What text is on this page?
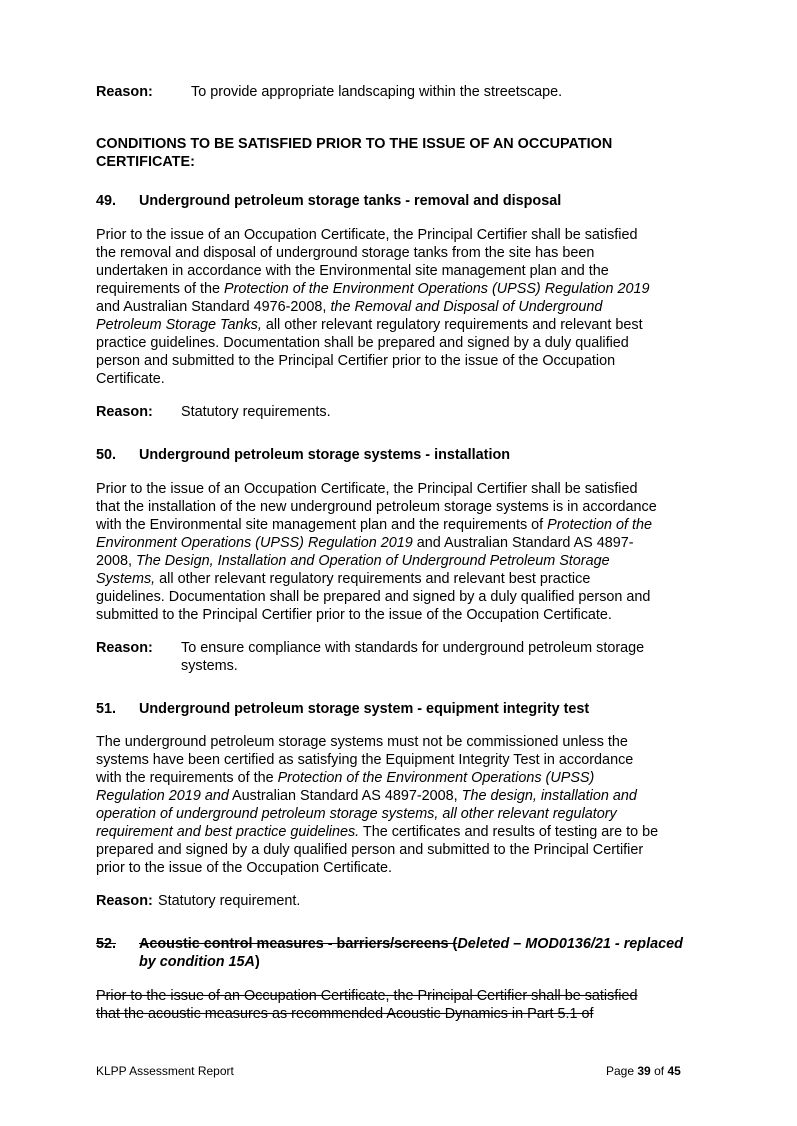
Reason:	To provide appropriate landscaping within the streetscape.
CONDITIONS TO BE SATISFIED PRIOR TO THE ISSUE OF AN OCCUPATION
CERTIFICATE:
49. Underground petroleum storage tanks - removal and disposal

Prior to the issue of an Occupation Certificate, the Principal Certifier shall be satisfied

the removal and disposal of underground storage tanks from the site has been

undertaken in accordance with the Environmental site management plan and the

requirements of the Protection of the Environment Operations (UPSS) Regulation 2019

and Australian Standard 4976-2008, the Removal and Disposal of Underground

Petroleum Storage Tanks, all other relevant regulatory requirements and relevant best

practice guidelines. Documentation shall be prepared and signed by a duly qualified

person and submitted to the Principal Certifier prior to the issue of the Occupation

Certificate.

Reason: Statutory requirements.
50. Underground petroleum storage systems - installation

Prior to the issue of an Occupation Certificate, the Principal Certifier shall be satisfied

that the installation of the new underground petroleum storage systems is in accordance

with the Environmental site management plan and the requirements of Protection of the

Environment Operations (UPSS) Regulation 2019 and Australian Standard AS 4897-

2008, The Design, Installation and Operation of Underground Petroleum Storage

Systems, all other relevant regulatory requirements and relevant best practice

guidelines. Documentation shall be prepared and signed by a duly qualified person and

submitted to the Principal Certifier prior to the issue of the Occupation Certificate.

Reason: To ensure compliance with standards for underground petroleum storage
systems.
51. Underground petroleum storage system - equipment integrity test

The underground petroleum storage systems must not be commissioned unless the

systems have been certified as satisfying the Equipment Integrity Test in accordance

with the requirements of the Protection of the Environment Operations (UPSS)

Regulation 2019 and Australian Standard AS 4897-2008, The design, installation and

operation of underground petroleum storage systems, all other relevant regulatory

requirement and best practice guidelines. The certificates and results of testing are to be

prepared and signed by a duly qualified person and submitted to the Principal Certifier

prior to the issue of the Occupation Certificate.

Reason: Statutory requirement.
52. Acoustic control measures - barriers/screens (Deleted – MOD0136/21 - replaced
by condition 15A)

Prior to the issue of an Occupation Certificate, the Principal Certifier shall be satisfied

that the acoustic measures as recommended Acoustic Dynamics in Part 5.1 of

KLPP Assessment Report	Page 39 of 45
